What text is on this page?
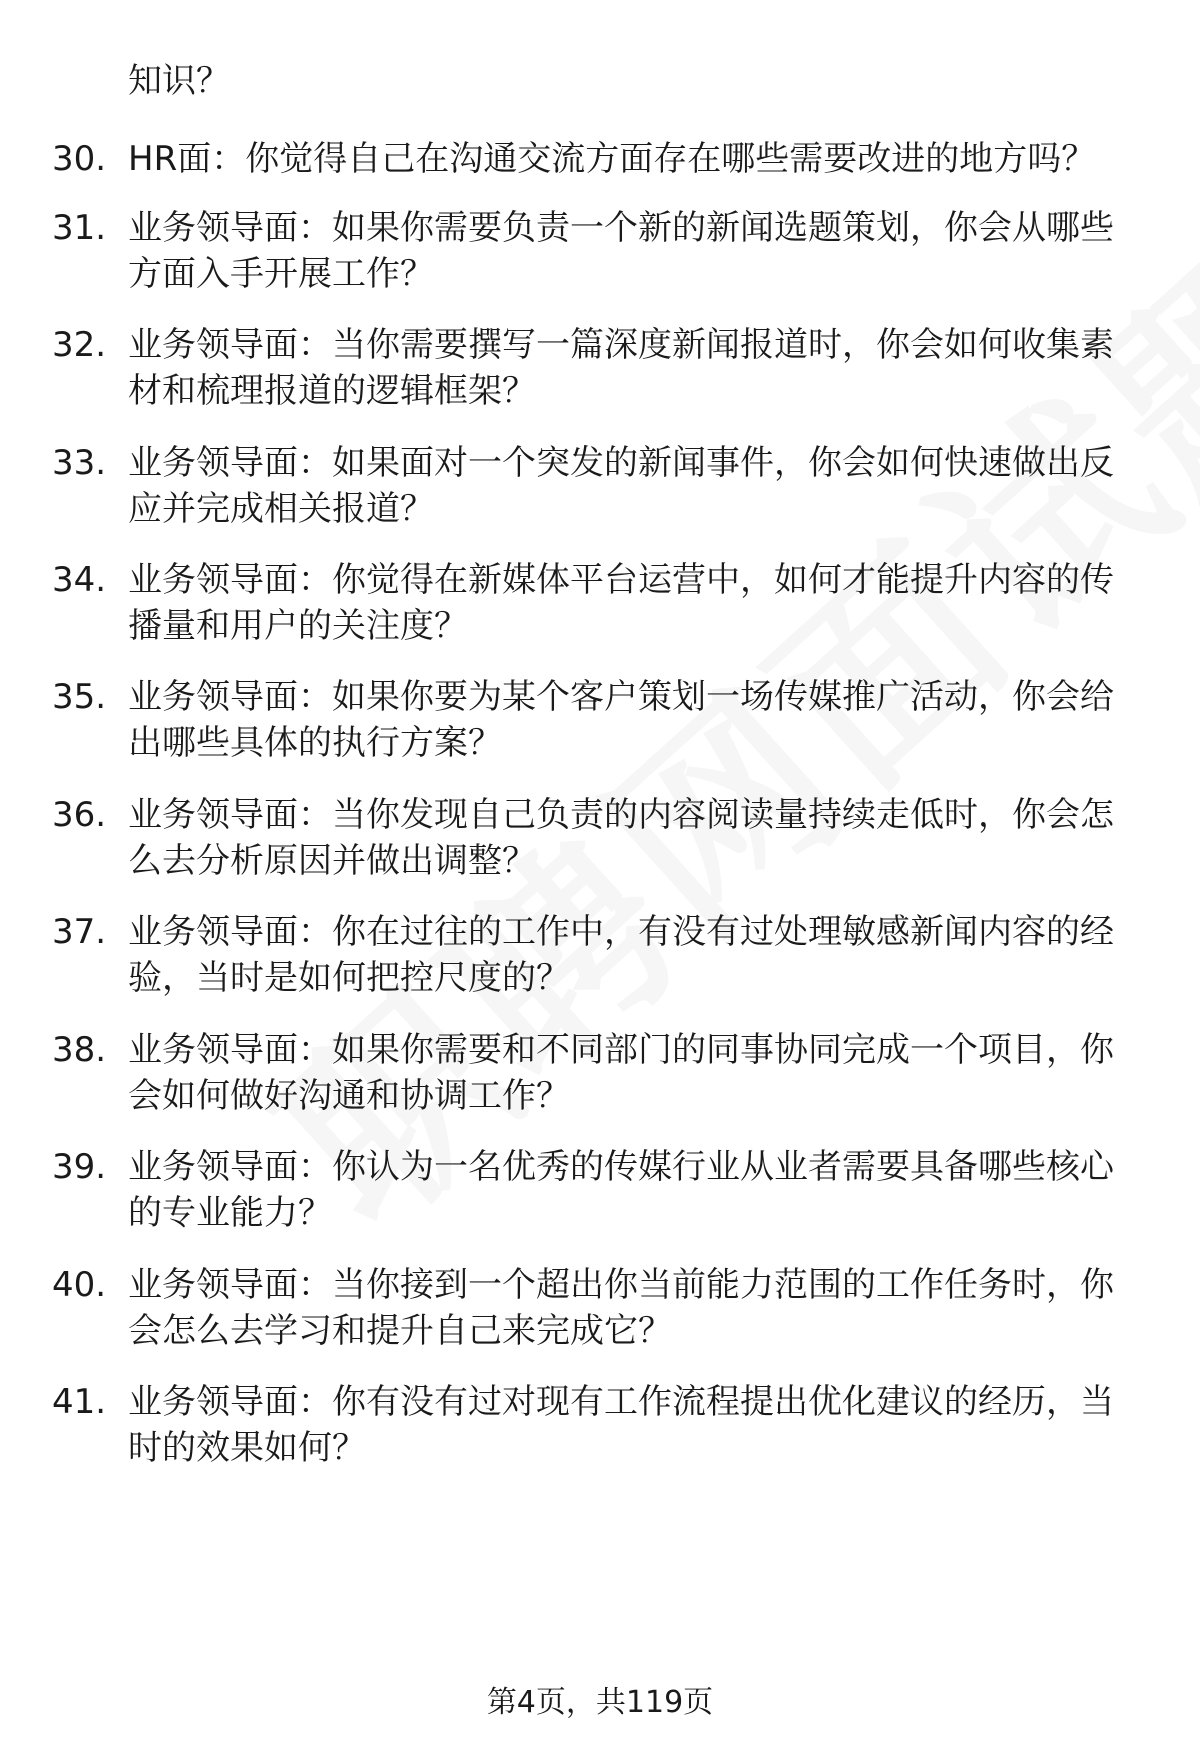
知识？
30. HR面：你觉得自己在沟通交流方面存在哪些需要改进的地方吗？
31. 业务领导面：如果你需要负责一个新的新闻选题策划，你会从哪些方面入手开展工作？
32. 业务领导面：当你需要撰写一篇深度新闻报道时，你会如何收集素材和梳理报道的逻辑框架？
33. 业务领导面：如果面对一个突发的新闻事件，你会如何快速做出反应并完成相关报道？
34. 业务领导面：你觉得在新媒体平台运营中，如何才能提升内容的传播量和用户的关注度？
35. 业务领导面：如果你要为某个客户策划一场传媒推广活动，你会给出哪些具体的执行方案？
36. 业务领导面：当你发现自己负责的内容阅读量持续走低时，你会怎么去分析原因并做出调整？
37. 业务领导面：你在过往的工作中，有没有过处理敏感新闻内容的经验，当时是如何把控尺度的？
38. 业务领导面：如果你需要和不同部门的同事协同完成一个项目，你会如何做好沟通和协调工作？
39. 业务领导面：你认为一名优秀的传媒行业从业者需要具备哪些核心的专业能力？
40. 业务领导面：当你接到一个超出你当前能力范围的工作任务时，你会怎么去学习和提升自己来完成它？
41. 业务领导面：你有没有过对现有工作流程提出优化建议的经历，当时的效果如何？
第4页，共119页
